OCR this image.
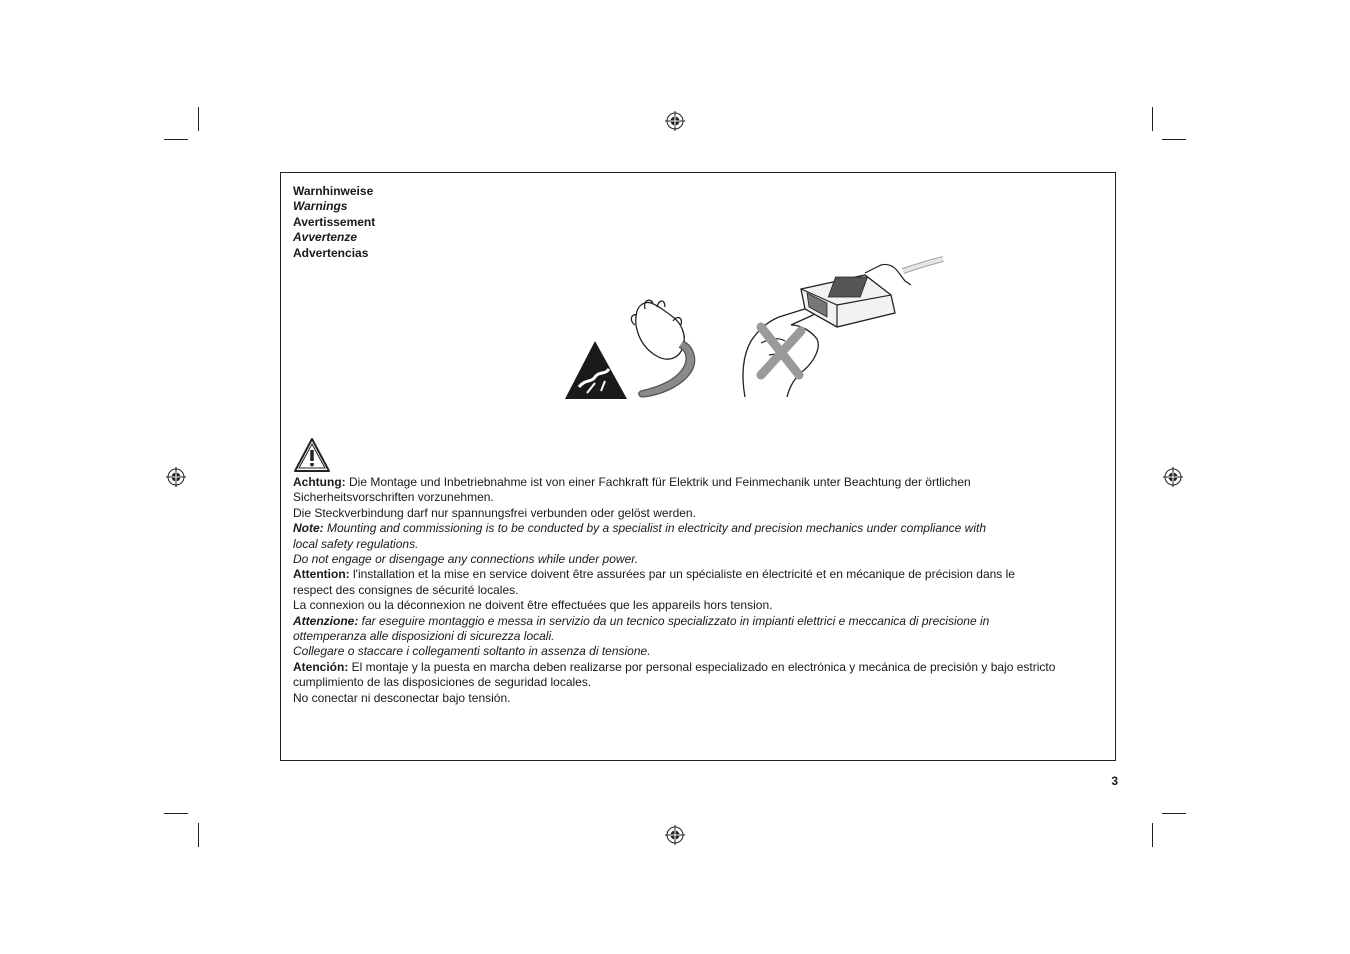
Warnhinweise
Warnings
Avertissement
Avvertenze
Advertencias

Achtung: Die Montage und Inbetriebnahme ist von einer Fachkraft für Elektrik und Feinmechanik unter Beachtung der örtlichen

Sicherheitsvorschriften vorzunehmen.

Die Steckverbindung darf nur spannungsfrei verbunden oder gelöst werden.

Note: Mounting and commissioning is to be conducted by a specialist in electricity and precision mechanics under compliance with

local safety regulations.

Do not engage or disengage any connections while under power.

Attention: l'installation et la mise en service doivent être assurées par un spécialiste en électricité et en mécanique de précision dans le

respect des consignes de sécurité locales.

La connexion ou la déconnexion ne doivent être effectuées que les appareils hors tension.

Attenzione: far eseguire montaggio e messa in servizio da un tecnico specializzato in impianti elettrici e meccanica di precisione in

ottemperanza alle disposizioni di sicurezza locali.

Collegare o staccare i collegamenti soltanto in assenza di tensione.

Atención: El montaje y la puesta en marcha deben realizarse por personal especializado en electrónica y mecánica de precisión y bajo estricto

cumplimiento de las disposiciones de seguridad locales.

No conectar ni desconectar bajo tensión.

3
